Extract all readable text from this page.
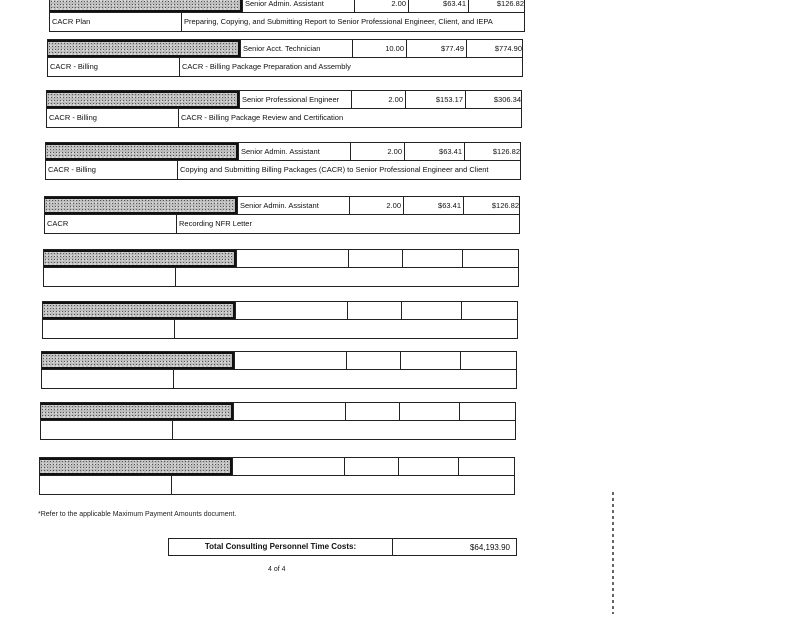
Senior Admin. Assistant	2.00	$63.41	$126.82
CACR Plan	Preparing, Copying, and Submitting Report to Senior Professional Engineer, Client, and IEPA
Senior Acct. Technician	10.00	$77.49	$774.90
CACR - Billing	CACR - Billing Package Preparation and Assembly
Senior Professional Engineer	2.00	$153.17	$306.34
CACR - Billing	CACR - Billing Package Review and Certification
Senior Admin. Assistant	2.00	$63.41	$126.82
CACR - Billing	Copying and Submitting Billing Packages (CACR) to Senior Professional Engineer and Client
Senior Admin. Assistant	2.00	$63.41	$126.82
CACR	Recording NFR Letter
*Refer to the applicable Maximum Payment Amounts document.
Total Consulting Personnel Time Costs:	$64,193.90
4 of 4
